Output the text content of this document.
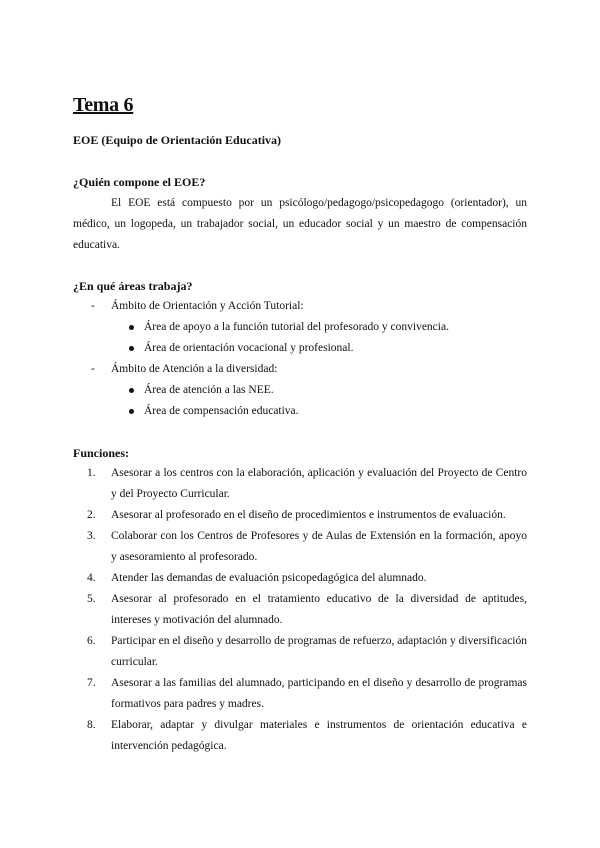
Tema 6

EOE (Equipo de Orientación Educativa)

¿Quién compone el EOE?

El EOE está compuesto por un psicólogo/pedagogo/psicopedagogo (orientador), un médico, un logopeda, un trabajador social, un educador social y un maestro de compensación educativa.

¿En qué áreas trabaja?

- Ámbito de Orientación y Acción Tutorial:
Área de apoyo a la función tutorial del profesorado y convivencia.
Área de orientación vocacional y profesional.
- Ámbito de Atención a la diversidad:
Área de atención a las NEE.
Área de compensación educativa.

Funciones:

1.	Asesorar a los centros con la elaboración, aplicación y evaluación del Proyecto de Centro y del Proyecto Curricular.
2.	Asesorar al profesorado en el diseño de procedimientos e instrumentos de evaluación.
3.	Colaborar con los Centros de Profesores y de Aulas de Extensión en la formación, apoyo y asesoramiento al profesorado.
4.	Atender las demandas de evaluación psicopedagógica del alumnado.
5.	Asesorar al profesorado en el tratamiento educativo de la diversidad de aptitudes, intereses y motivación del alumnado.
6.	Participar en el diseño y desarrollo de programas de refuerzo, adaptación y diversificación curricular.
7.	Asesorar a las familias del alumnado, participando en el diseño y desarrollo de programas formativos para padres y madres.
8.	Elaborar, adaptar y divulgar materiales e instrumentos de orientación educativa e intervención pedagógica.
